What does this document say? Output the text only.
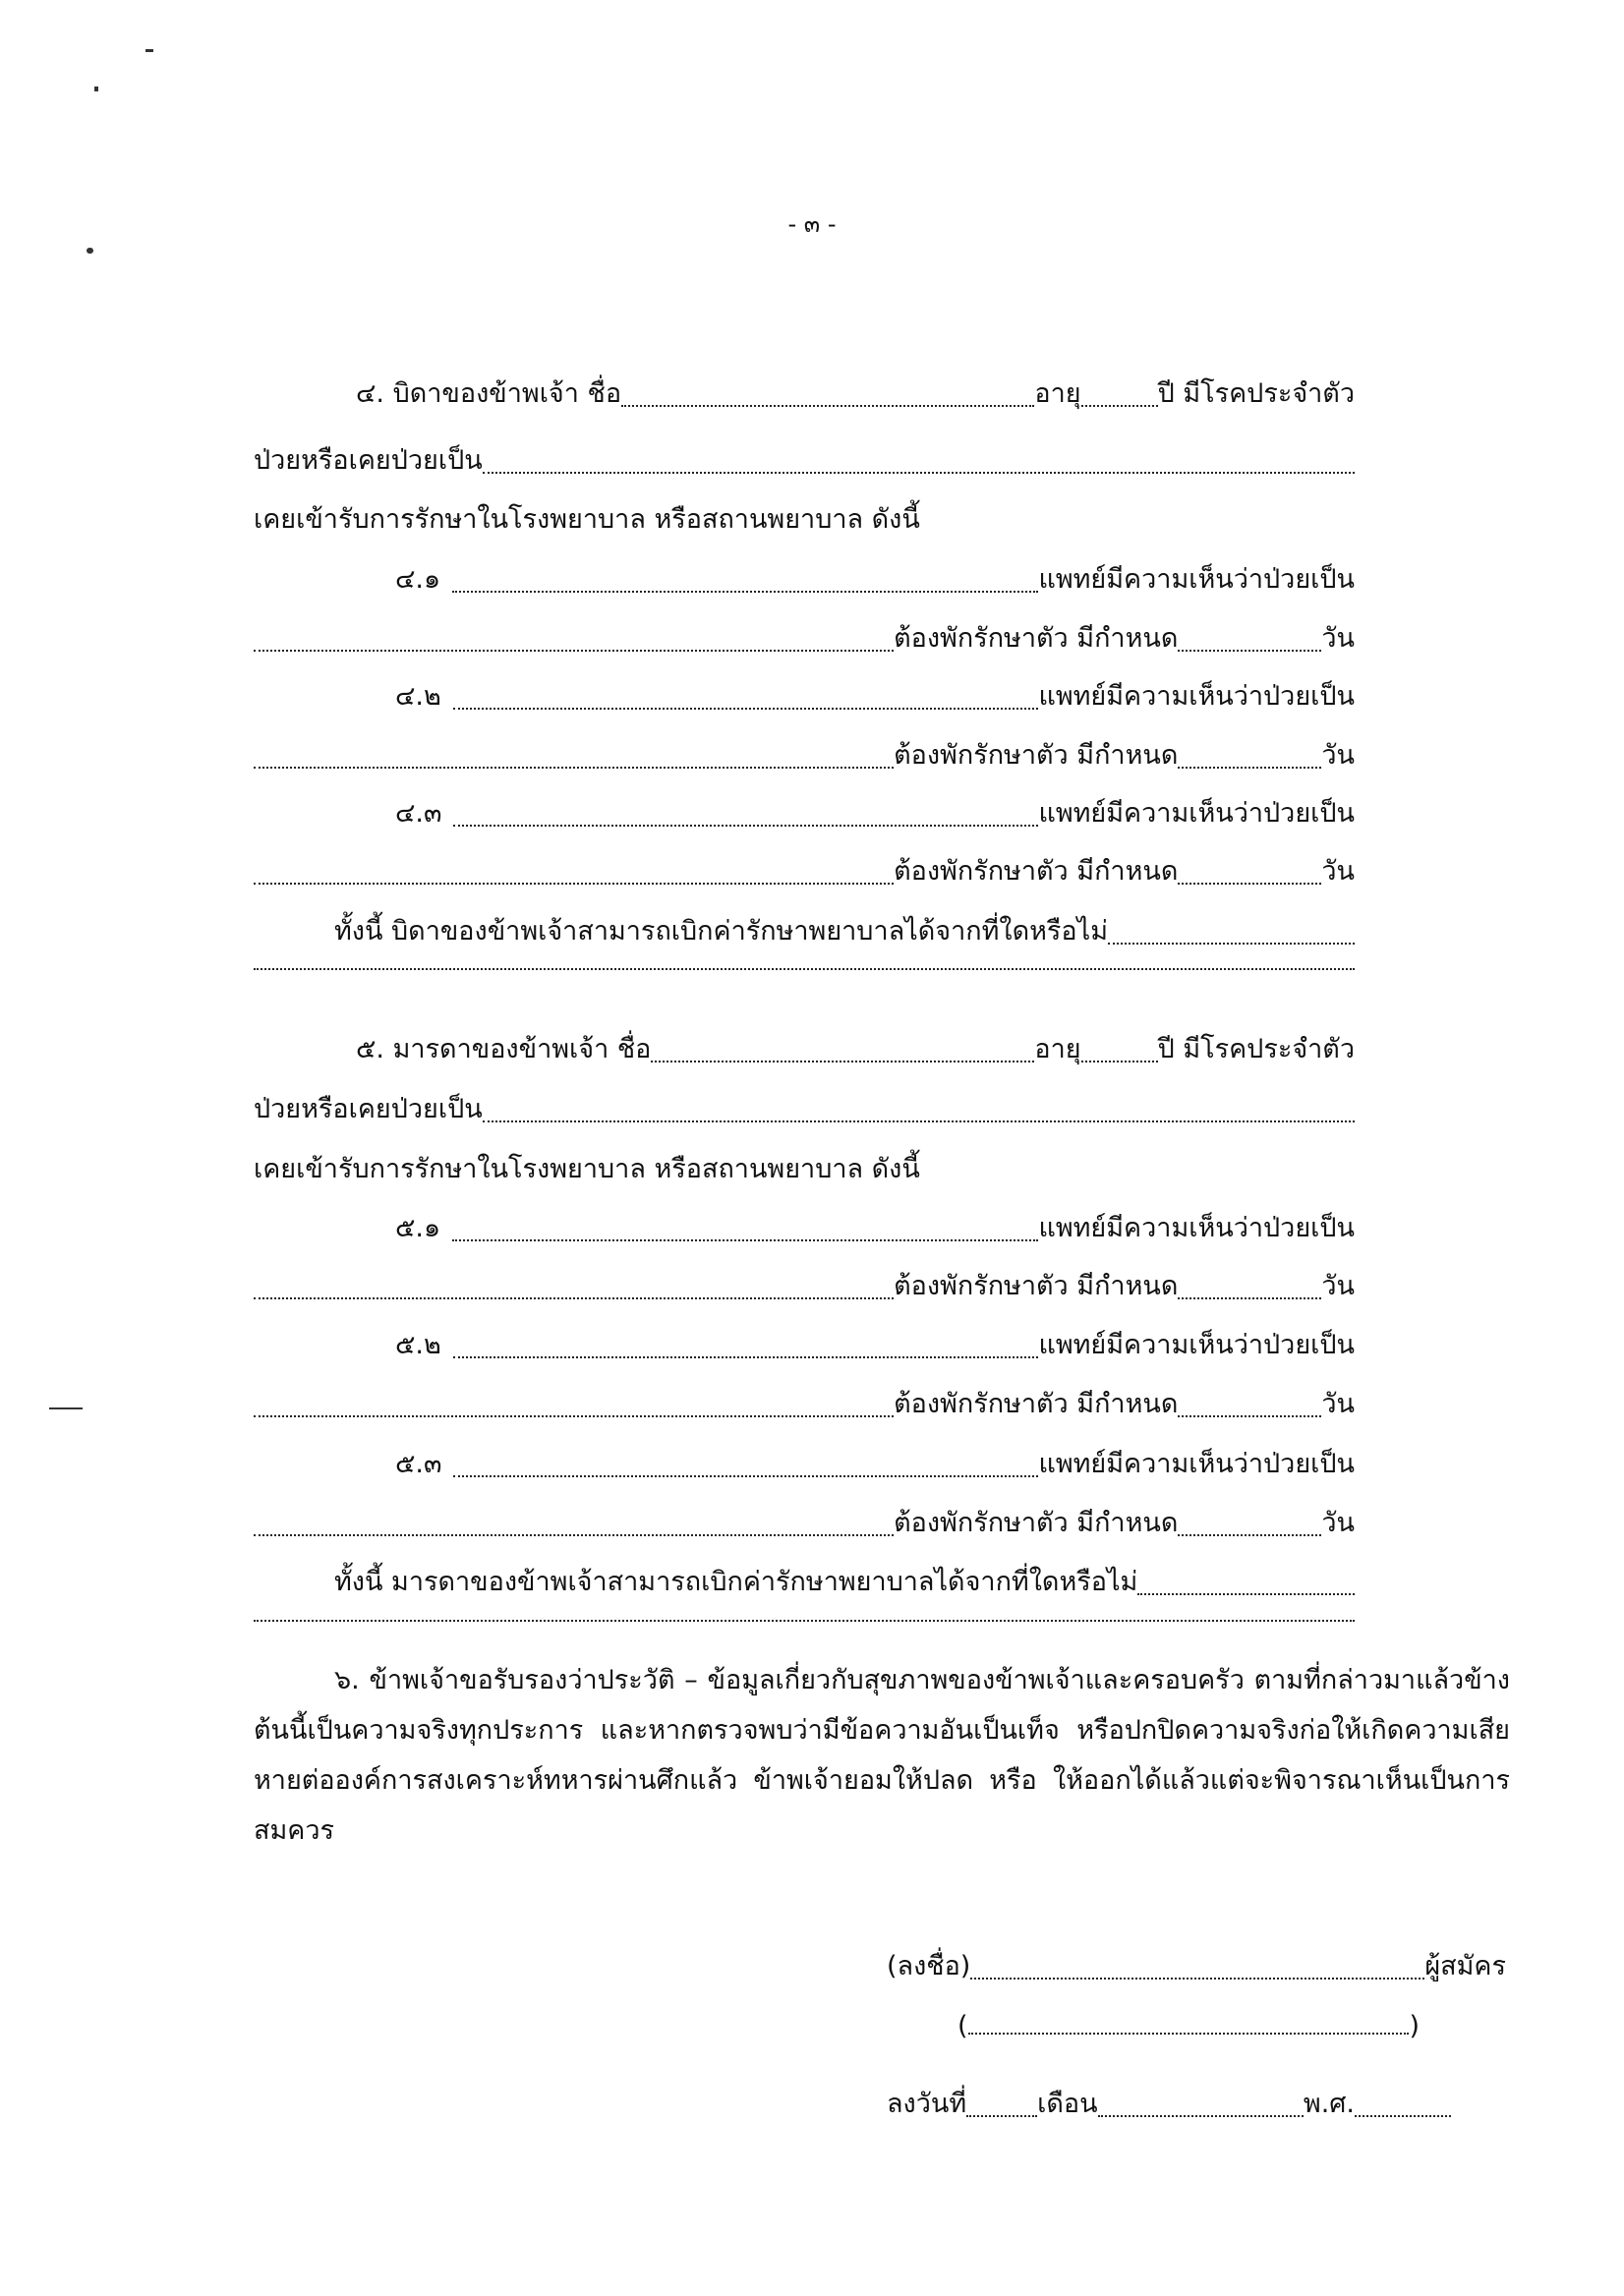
- ๓ -
๔. บิดาของข้าพเจ้า ชื่อ	อายุ	ปี มีโรคประจำตัว
ป่วยหรือเคยป่วยเป็น
เคยเข้ารับการรักษาในโรงพยาบาล หรือสถานพยาบาล ดังนี้
๔.๑	แพทย์มีความเห็นว่าป่วยเป็น
ต้องพักรักษาตัว มีกำหนด	วัน
๔.๒	แพทย์มีความเห็นว่าป่วยเป็น
ต้องพักรักษาตัว มีกำหนด	วัน
๔.๓	แพทย์มีความเห็นว่าป่วยเป็น
ต้องพักรักษาตัว มีกำหนด	วัน
ทั้งนี้ บิดาของข้าพเจ้าสามารถเบิกค่ารักษาพยาบาลได้จากที่ใดหรือไม่
๕. มารดาของข้าพเจ้า ชื่อ	อายุ	ปี มีโรคประจำตัว
ป่วยหรือเคยป่วยเป็น
เคยเข้ารับการรักษาในโรงพยาบาล หรือสถานพยาบาล ดังนี้
๕.๑	แพทย์มีความเห็นว่าป่วยเป็น
ต้องพักรักษาตัว มีกำหนด	วัน
๕.๒	แพทย์มีความเห็นว่าป่วยเป็น
ต้องพักรักษาตัว มีกำหนด	วัน
๕.๓	แพทย์มีความเห็นว่าป่วยเป็น
ต้องพักรักษาตัว มีกำหนด	วัน
ทั้งนี้ มารดาของข้าพเจ้าสามารถเบิกค่ารักษาพยาบาลได้จากที่ใดหรือไม่
๖. ข้าพเจ้าขอรับรองว่าประวัติ – ข้อมูลเกี่ยวกับสุขภาพของข้าพเจ้าและครอบครัว ตามที่กล่าวมาแล้วข้างต้นนี้เป็นความจริงทุกประการ และหากตรวจพบว่ามีข้อความอันเป็นเท็จ หรือปกปิดความจริงก่อให้เกิดความเสียหายต่อองค์การสงเคราะห์ทหารผ่านศึกแล้ว ข้าพเจ้ายอมให้ปลด หรือ ให้ออกได้แล้วแต่จะพิจารณาเห็นเป็นการสมควร
(ลงชื่อ)	ผู้สมัคร
(	)
ลงวันที่	เดือน	พ.ศ.
